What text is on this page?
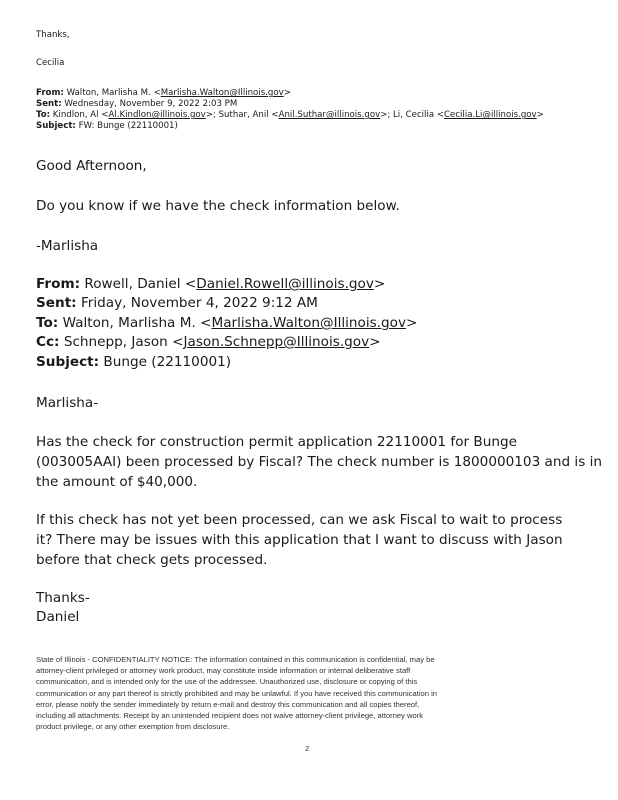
Thanks,
Cecilia
From: Walton, Marlisha M. <Marlisha.Walton@Illinois.gov>
Sent: Wednesday, November 9, 2022 2:03 PM
To: Kindlon, Al <Al.Kindlon@illinois.gov>; Suthar, Anil <Anil.Suthar@illinois.gov>; Li, Cecilia <Cecilia.Li@illinois.gov>
Subject: FW: Bunge (22110001)
Good Afternoon,
Do you know if we have the check information below.
-Marlisha
From: Rowell, Daniel <Daniel.Rowell@illinois.gov>
Sent: Friday, November 4, 2022 9:12 AM
To: Walton, Marlisha M. <Marlisha.Walton@Illinois.gov>
Cc: Schnepp, Jason <Jason.Schnepp@Illinois.gov>
Subject: Bunge (22110001)
Marlisha-
Has the check for construction permit application 22110001 for Bunge
(003005AAI) been processed by Fiscal? The check number is 1800000103 and is in
the amount of $40,000.
If this check has not yet been processed, can we ask Fiscal to wait to process
it? There may be issues with this application that I want to discuss with Jason
before that check gets processed.
Thanks-
Daniel
State of Illinois - CONFIDENTIALITY NOTICE: The information contained in this communication is confidential, may be
attorney-client privileged or attorney work product, may constitute inside information or internal deliberative staff
communication, and is intended only for the use of the addressee. Unauthorized use, disclosure or copying of this
communication or any part thereof is strictly prohibited and may be unlawful. If you have received this communication in
error, please notify the sender immediately by return e-mail and destroy this communication and all copies thereof,
including all attachments. Receipt by an unintended recipient does not waive attorney-client privilege, attorney work
product privilege, or any other exemption from disclosure.
2
